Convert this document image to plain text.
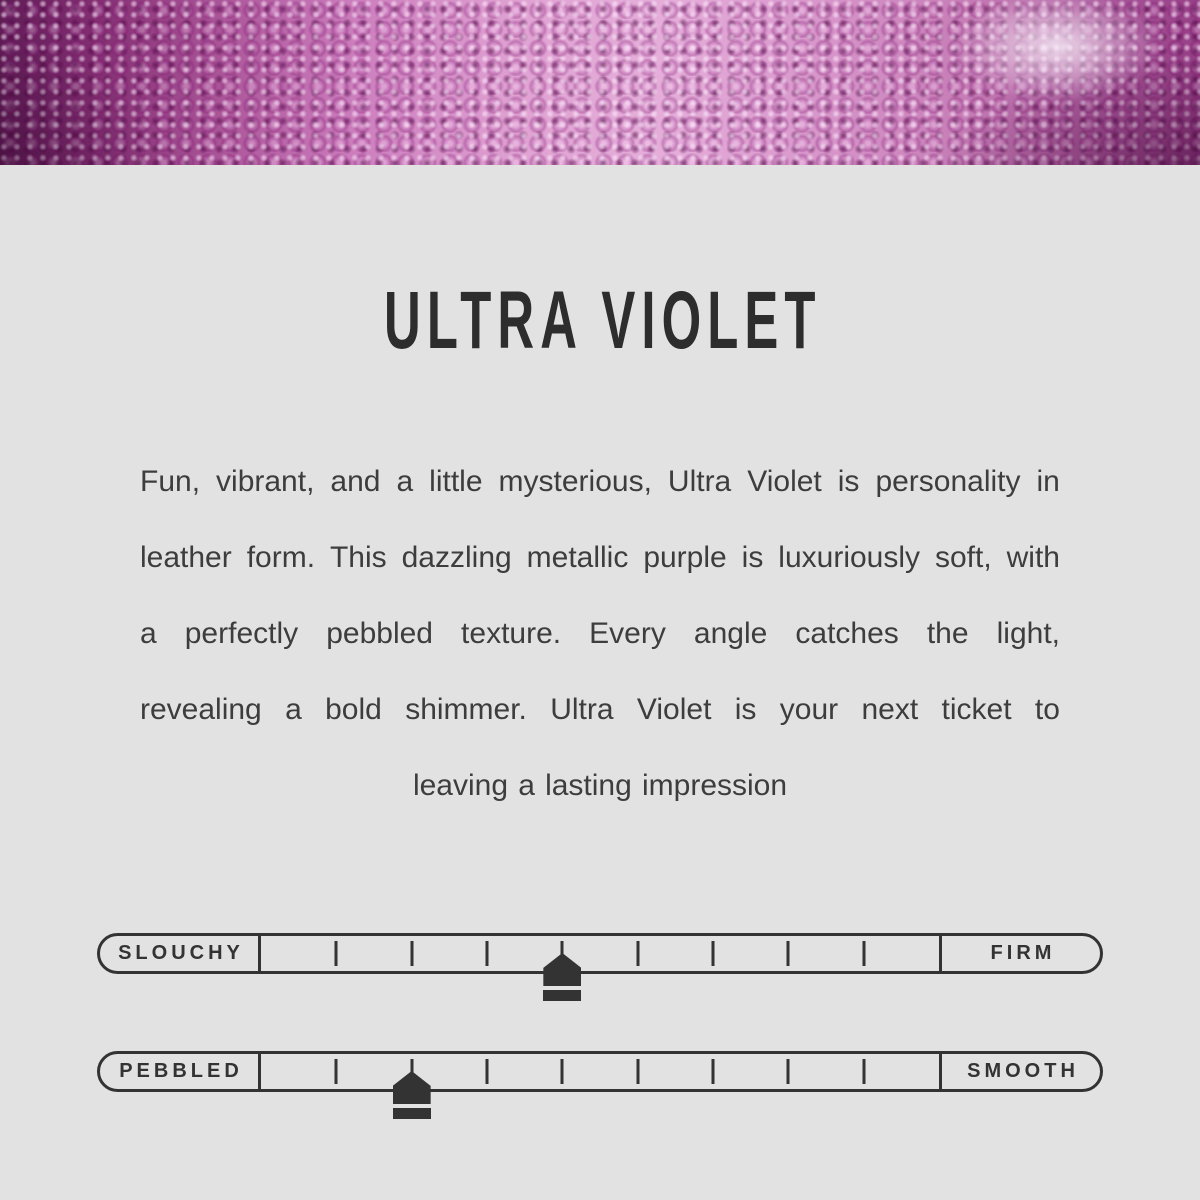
ULTRA VIOLET
Fun, vibrant, and a little mysterious, Ultra Violet is personality in
leather form. This dazzling metallic purple is luxuriously soft, with
a perfectly pebbled texture. Every angle catches the light,
revealing a bold shimmer. Ultra Violet is your next ticket to
leaving a lasting impression
SLOUCHY	FIRM
PEBBLED	SMOOTH
